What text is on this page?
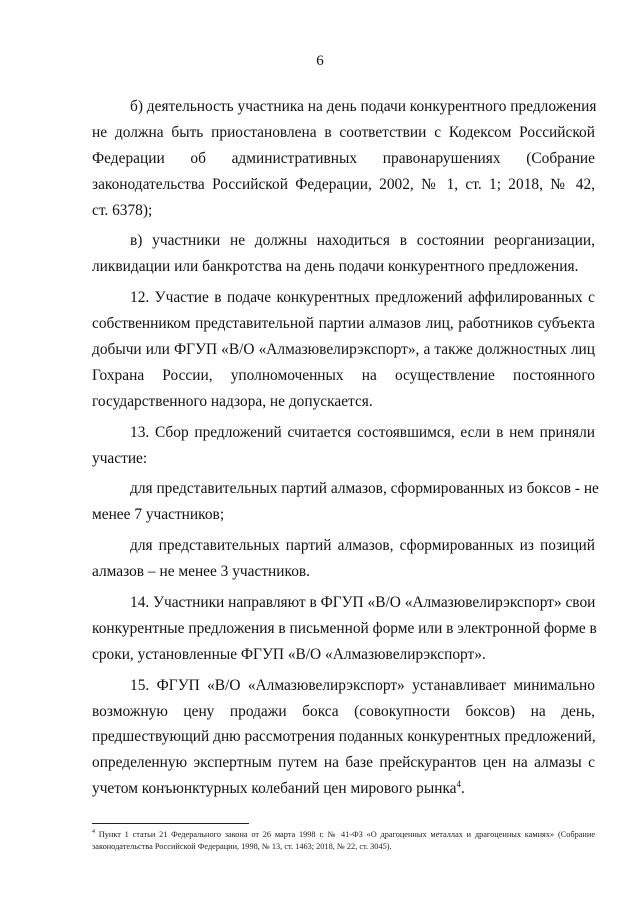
6
б) деятельность участника на день подачи конкурентного предложения
не должна быть приостановлена в соответствии с Кодексом Российской
Федерации об административных правонарушениях (Собрание
законодательства Российской Федерации, 2002, № 1, ст. 1; 2018, № 42,
ст. 6378);
в) участники не должны находиться в состоянии реорганизации,
ликвидации или банкротства на день подачи конкурентного предложения.
12. Участие в подаче конкурентных предложений аффилированных с
собственником представительной партии алмазов лиц, работников субъекта
добычи или ФГУП «В/О «Алмазювелирэкспорт», а также должностных лиц
Гохрана России, уполномоченных на осуществление постоянного
государственного надзора, не допускается.
13. Сбор предложений считается состоявшимся, если в нем приняли
участие:
для представительных партий алмазов, сформированных из боксов - не
менее 7 участников;
для представительных партий алмазов, сформированных из позиций
алмазов – не менее 3 участников.
14. Участники направляют в ФГУП «В/О «Алмазювелирэкспорт» свои
конкурентные предложения в письменной форме или в электронной форме в
сроки, установленные ФГУП «В/О «Алмазювелирэкспорт».
15. ФГУП «В/О «Алмазювелирэкспорт» устанавливает минимально
возможную цену продажи бокса (совокупности боксов) на день,
предшествующий дню рассмотрения поданных конкурентных предложений,
определенную экспертным путем на базе прейскурантов цен на алмазы с
учетом конъюнктурных колебаний цен мирового рынка$^4$.
$^4$ Пункт 1 статьи 21 Федерального закона от 26 марта 1998 г. № 41-ФЗ «О драгоценных металлах и драгоценных камнях» (Собрание
законодательства Российской Федерации, 1998, № 13, ст. 1463; 2018, № 22, ст. 3045).
